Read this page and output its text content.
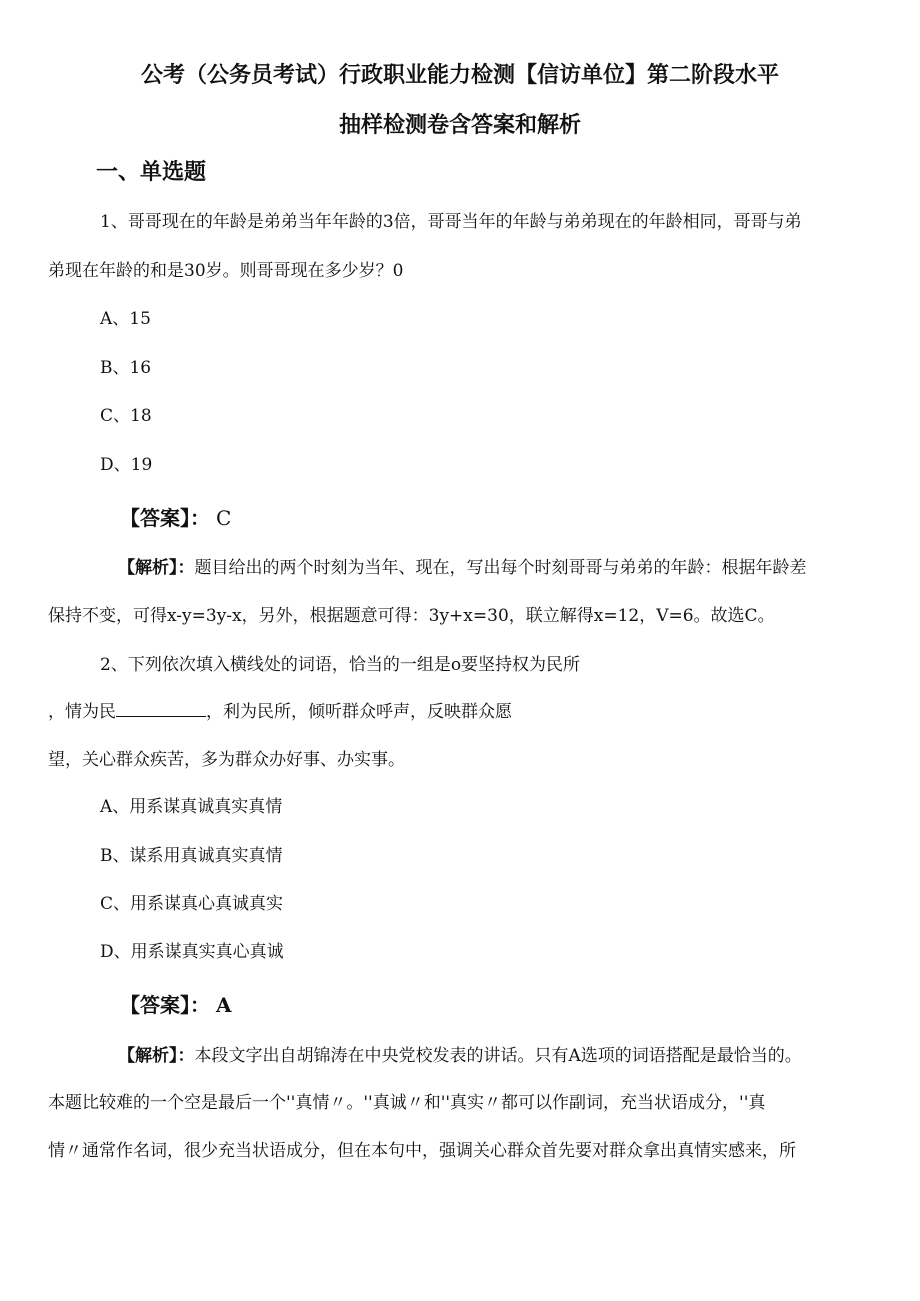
公考（公务员考试）行政职业能力检测【信访单位】第二阶段水平
抽样检测卷含答案和解析
一、单选题
1、哥哥现在的年龄是弟弟当年年龄的3倍，哥哥当年的年龄与弟弟现在的年龄相同，哥哥与弟
弟现在年龄的和是30岁。则哥哥现在多少岁？0
A、15
B、16
C、18
D、19
【答案】： C
【解析】：题目给出的两个时刻为当年、现在，写出每个时刻哥哥与弟弟的年龄：根据年龄差
保持不变，可得x-y=3y-x，另外，根据题意可得：3y+x=30，联立解得x=12，V=6。故选C。
2、下列依次填入横线处的词语，恰当的一组是o要坚持权为民所
，情为民	，利为民所，倾听群众呼声，反映群众愿
望，关心群众疾苦，多为群众办好事、办实事。
A、用系谋真诚真实真情
B、谋系用真诚真实真情
C、用系谋真心真诚真实
D、用系谋真实真心真诚
【答案】： A
【解析】：本段文字出自胡锦涛在中央党校发表的讲话。只有A选项的词语搭配是最恰当的。
本题比较难的一个空是最后一个''真情〃。''真诚〃和''真实〃都可以作副词，充当状语成分，''真
情〃通常作名词，很少充当状语成分，但在本句中，强调关心群众首先要对群众拿出真情实感来，所
